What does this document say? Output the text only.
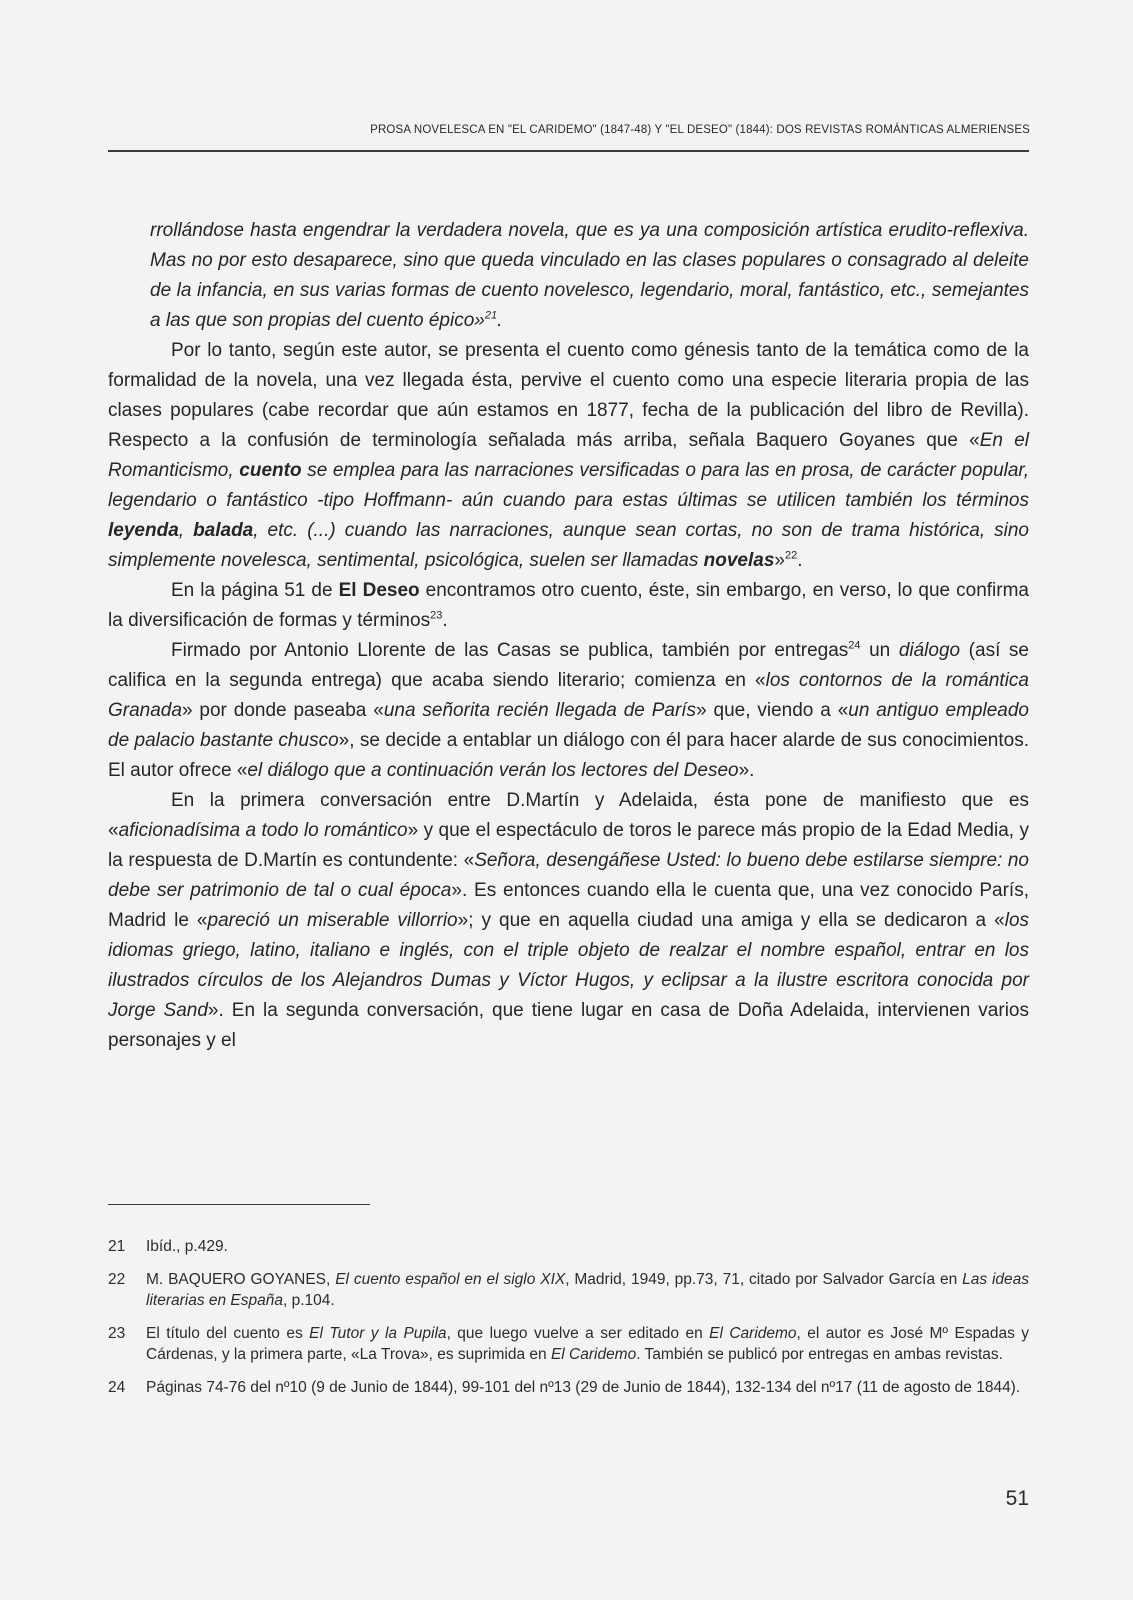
PROSA NOVELESCA EN "EL CARIDEMO" (1847-48) Y "EL DESEO" (1844): DOS REVISTAS ROMÁNTICAS ALMERIENSES

rrollándose hasta engendrar la verdadera novela, que es ya una composición artística erudito-reflexiva. Mas no por esto desaparece, sino que queda vinculado en las clases populares o consagrado al deleite de la infancia, en sus varias formas de cuento novelesco, legendario, moral, fantástico, etc., semejantes a las que son propias del cuento épico»$^{21}$.

Por lo tanto, según este autor, se presenta el cuento como génesis tanto de la temática como de la formalidad de la novela, una vez llegada ésta, pervive el cuento como una especie literaria propia de las clases populares (cabe recordar que aún estamos en 1877, fecha de la publicación del libro de Revilla). Respecto a la confusión de terminología señalada más arriba, señala Baquero Goyanes que «En el Romanticismo, cuento se emplea para las narraciones versificadas o para las en prosa, de carácter popular, legendario o fantástico -tipo Hoffmann- aún cuando para estas últimas se utilicen también los términos leyenda, balada, etc. (...) cuando las narraciones, aunque sean cortas, no son de trama histórica, sino simplemente novelesca, sentimental, psicológica, suelen ser llamadas novelas»$^{22}$.

En la página 51 de El Deseo encontramos otro cuento, éste, sin embargo, en verso, lo que confirma la diversificación de formas y términos$^{23}$.

Firmado por Antonio Llorente de las Casas se publica, también por entregas$^{24}$ un diálogo (así se califica en la segunda entrega) que acaba siendo literario; comienza en «los contornos de la romántica Granada» por donde paseaba «una señorita recién llegada de París» que, viendo a «un antiguo empleado de palacio bastante chusco», se decide a entablar un diálogo con él para hacer alarde de sus conocimientos. El autor ofrece «el diálogo que a continuación verán los lectores del Deseo».

En la primera conversación entre D.Martín y Adelaida, ésta pone de manifiesto que es «aficionadísima a todo lo romántico» y que el espectáculo de toros le parece más propio de la Edad Media, y la respuesta de D.Martín es contundente: «Señora, desengáñese Usted: lo bueno debe estilarse siempre: no debe ser patrimonio de tal o cual época». Es entonces cuando ella le cuenta que, una vez conocido París, Madrid le «pareció un miserable villorrio»; y que en aquella ciudad una amiga y ella se dedicaron a «los idiomas griego, latino, italiano e inglés, con el triple objeto de realzar el nombre español, entrar en los ilustrados círculos de los Alejandros Dumas y Víctor Hugos, y eclipsar a la ilustre escritora conocida por Jorge Sand». En la segunda conversación, que tiene lugar en casa de Doña Adelaida, intervienen varios personajes y el

21	Ibíd., p.429.
22	M. BAQUERO GOYANES, El cuento español en el siglo XIX, Madrid, 1949, pp.73, 71, citado por Salvador García en Las ideas literarias en España, p.104.
23	El título del cuento es El Tutor y la Pupila, que luego vuelve a ser editado en El Caridemo, el autor es José Mº Espadas y Cárdenas, y la primera parte, «La Trova», es suprimida en El Caridemo. También se publicó por entregas en ambas revistas.
24	Páginas 74-76 del nº10 (9 de Junio de 1844), 99-101 del nº13 (29 de Junio de 1844), 132-134 del nº17 (11 de agosto de 1844).
51
